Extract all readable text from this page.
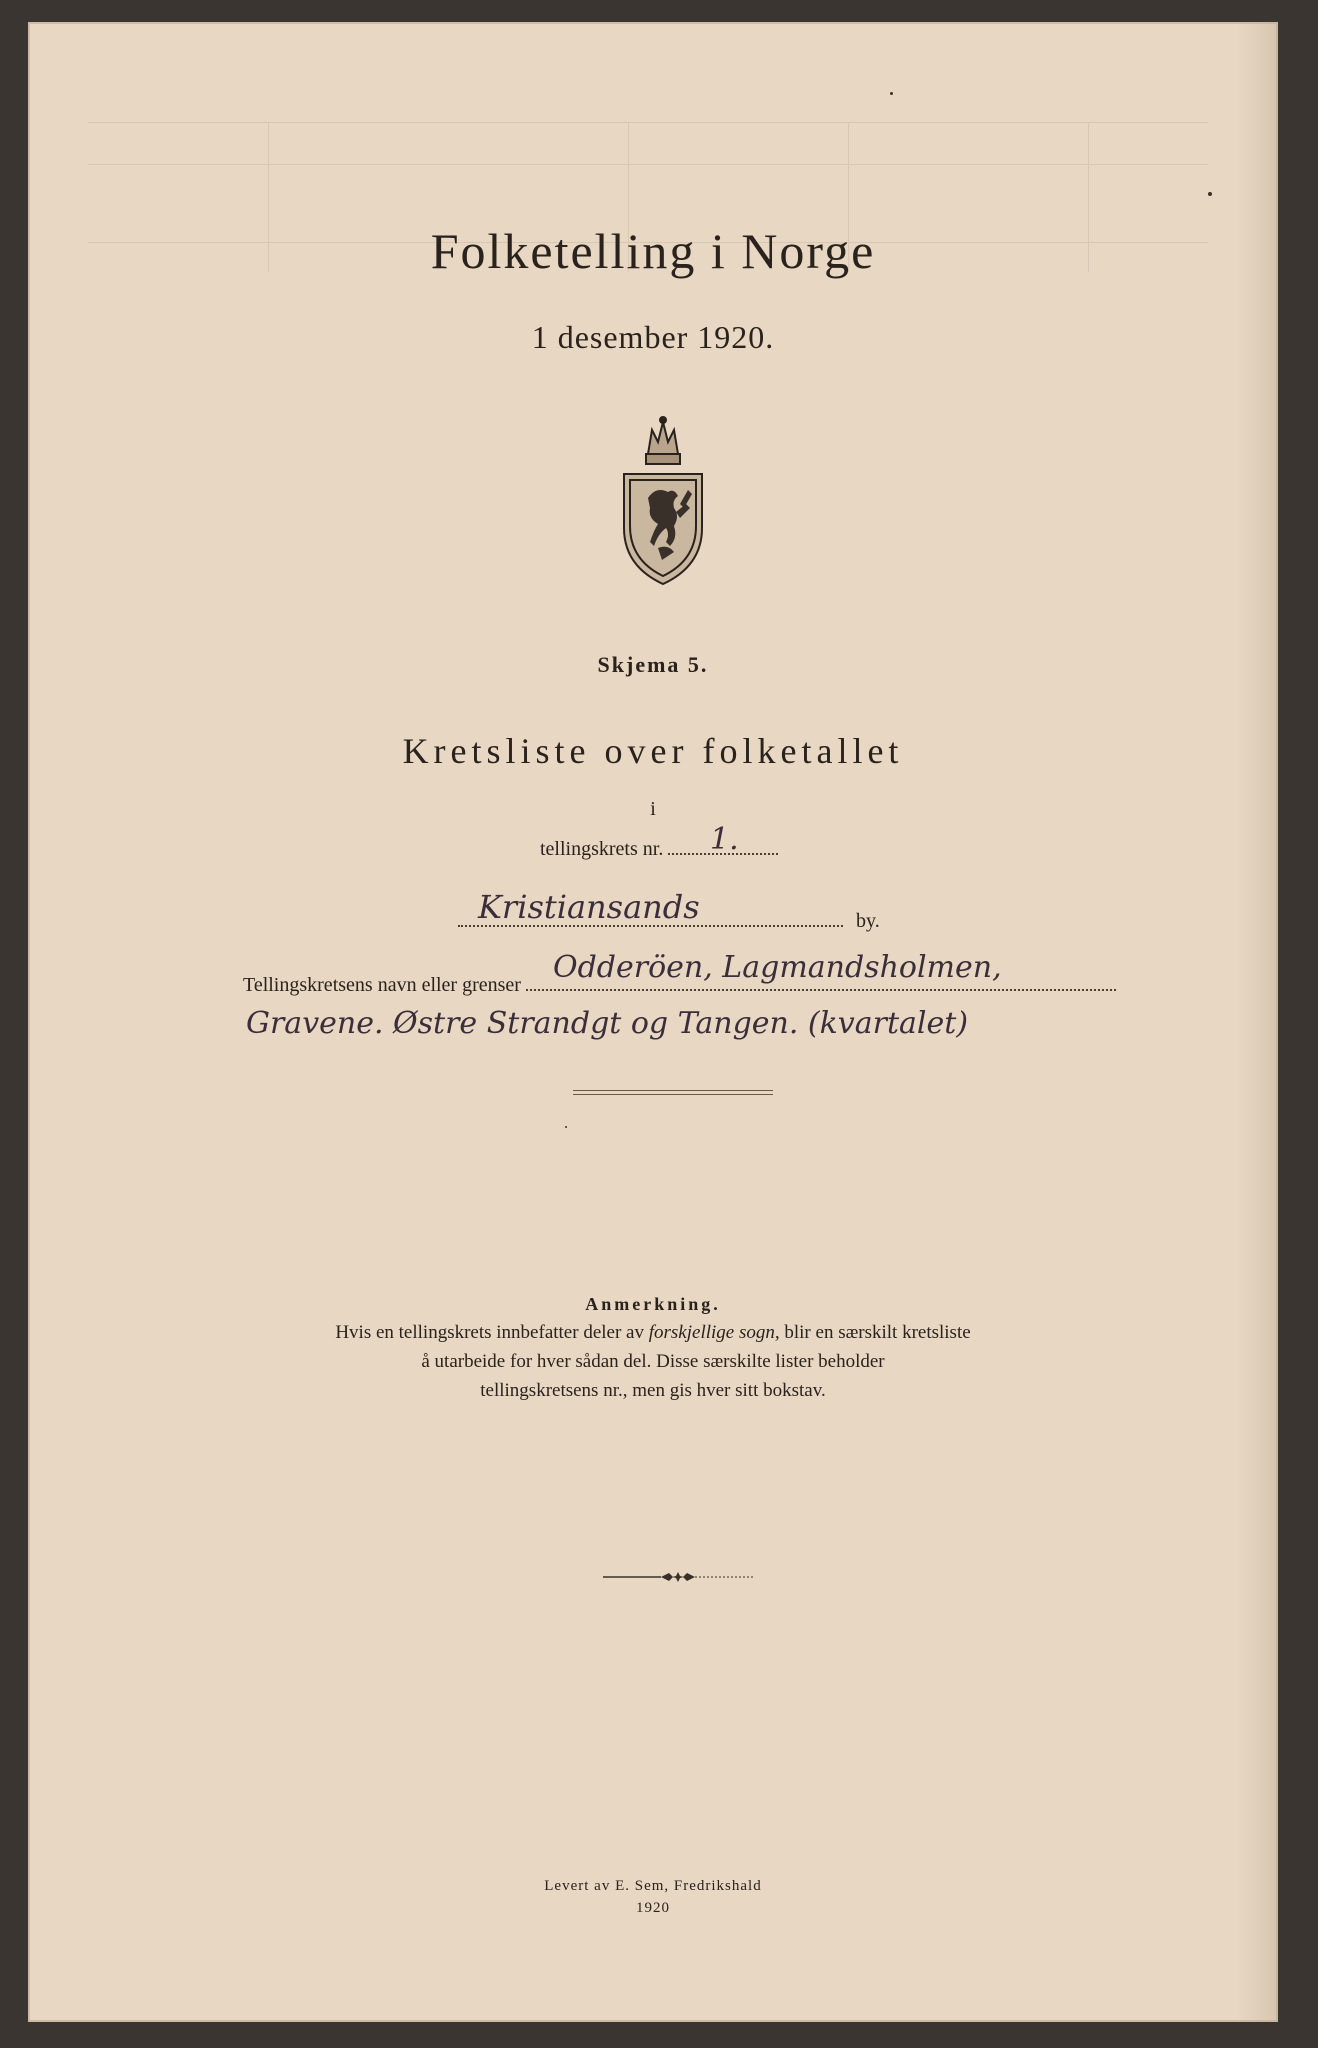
Folketelling i Norge
1 desember 1920.
Skjema 5.
Kretsliste over folketallet
i
tellingskrets nr.	1.
by.
Kristiansands
Tellingskretsens navn eller grenser	Odderöen, Lagmandsholmen,
Gravene. Østre Strandgt og Tangen. (kvartalet)
Anmerkning.
Hvis en tellingskrets innbefatter deler av forskjellige sogn, blir en særskilt kretsliste
å utarbeide for hver sådan del. Disse særskilte lister beholder
tellingskretsens nr., men gis hver sitt bokstav.
Levert av E. Sem, Fredrikshald
1920
